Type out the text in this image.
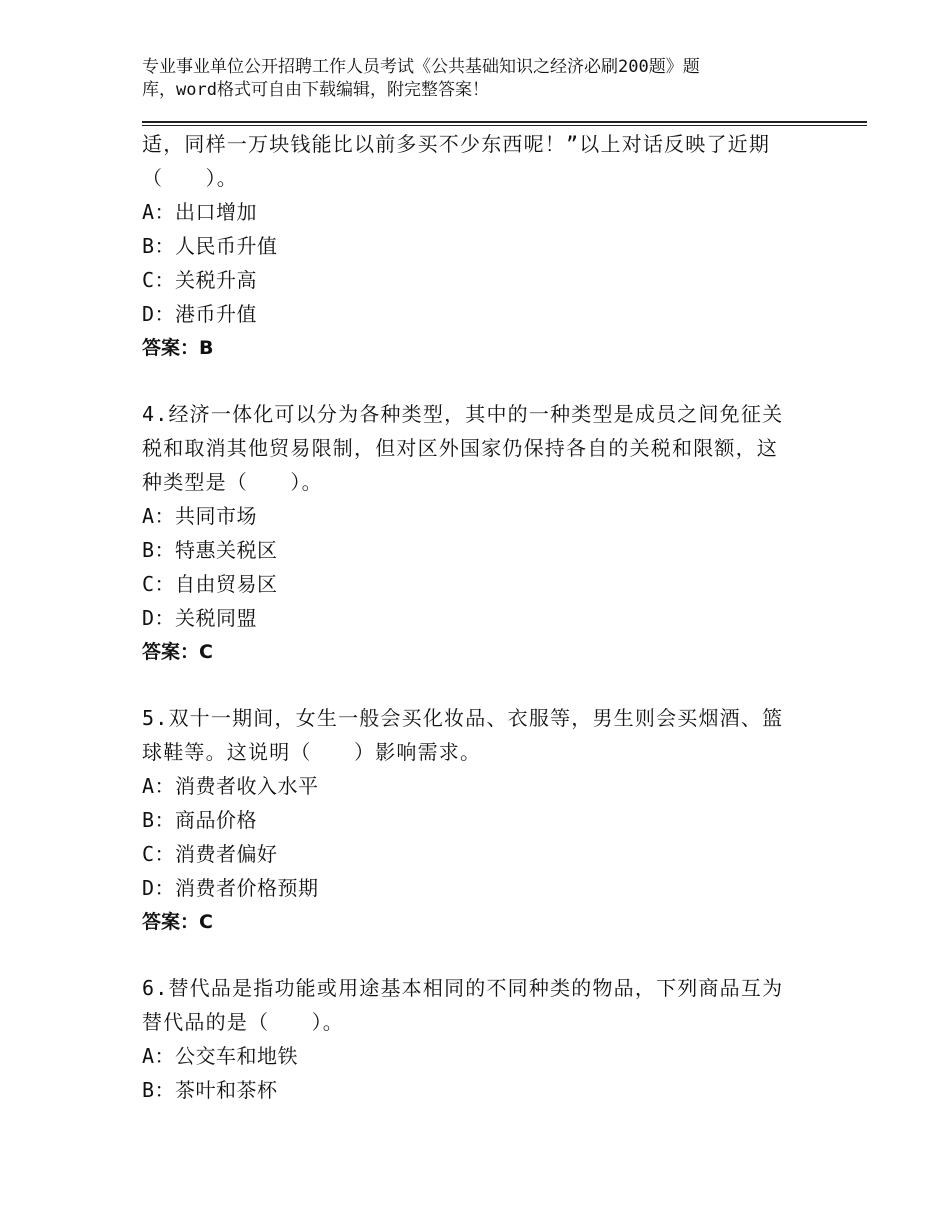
专业事业单位公开招聘工作人员考试《公共基础知识之经济必刷200题》题
库，word格式可自由下载编辑，附完整答案！
适，同样一万块钱能比以前多买不少东西呢！”以上对话反映了近期
（　　）。
A：出口增加
B：人民币升值
C：关税升高
D：港币升值
答案：B
4.经济一体化可以分为各种类型，其中的一种类型是成员之间免征关
税和取消其他贸易限制，但对区外国家仍保持各自的关税和限额，这
种类型是（　　）。
A：共同市场
B：特惠关税区
C：自由贸易区
D：关税同盟
答案：C
5.双十一期间，女生一般会买化妆品、衣服等，男生则会买烟酒、篮
球鞋等。这说明（　　）影响需求。
A：消费者收入水平
B：商品价格
C：消费者偏好
D：消费者价格预期
答案：C
6.替代品是指功能或用途基本相同的不同种类的物品，下列商品互为
替代品的是（　　）。
A：公交车和地铁
B：茶叶和茶杯
